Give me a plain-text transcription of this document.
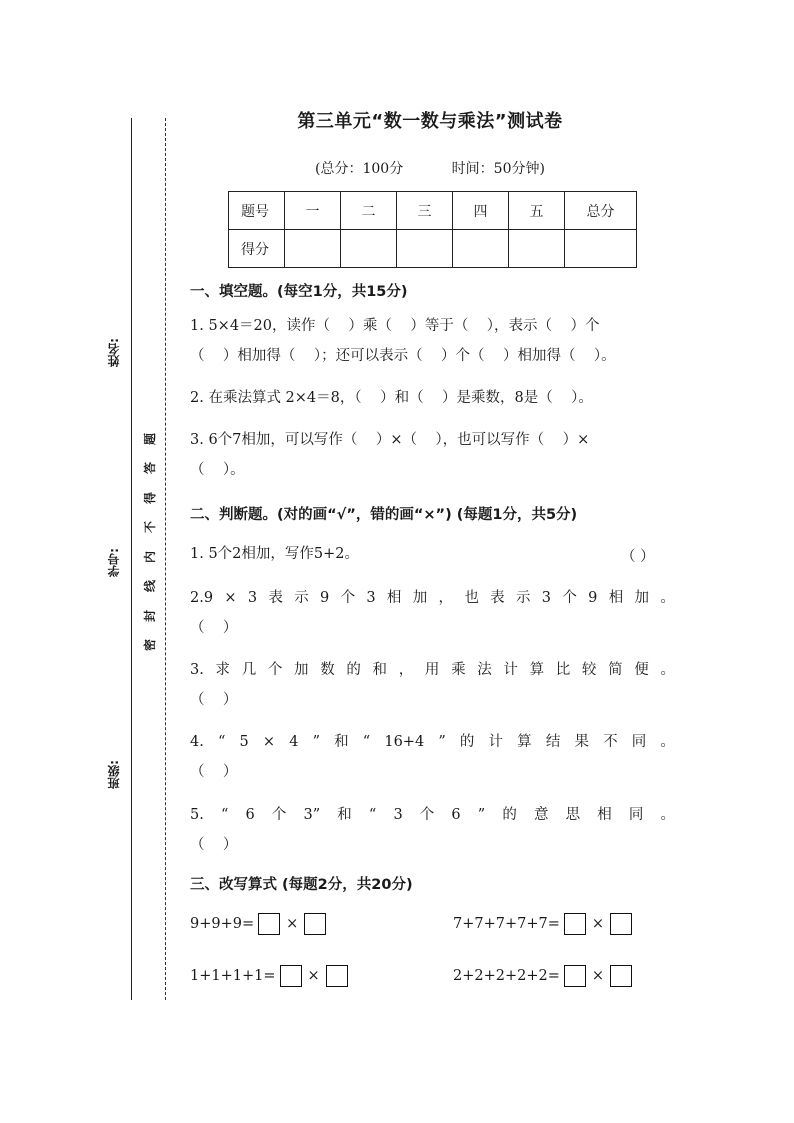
姓名:
学号:
班级:
密
封
线
内
不
得
答
题
第三单元“数一数与乘法”测试卷
(总分：100分	时间：50分钟)
题号	一	二	三	四	五	总分
得分						
一、填空题。(每空1分，共15分)
1. 5×4＝20，读作（    ）乘（    ）等于（    ），表示（    ）个
（    ）相加得（    ）；还可以表示（    ）个（    ）相加得（    ）。
2. 在乘法算式 2×4＝8，（    ）和（    ）是乘数，8是（    ）。
3. 6个7相加，可以写作（    ）×（    ），也可以写作（    ）×
（    ）。
二、判断题。(对的画“√”，错的画“×”) (每题1分，共5分)
1. 5个2相加，写作5+2。	（ ）
2.9 × 3 表 示 9 个 3 相 加 ， 也 表 示 3 个 9 相 加 。
（    ）
3. 求 几 个 加 数 的 和 ， 用 乘 法 计 算 比 较 简 便 。
（    ）
4. “ 5 × 4 ” 和 “ 16+4 ” 的 计 算 结 果 不 同 。
（    ）
5. “ 6 个 3” 和 “ 3 个 6 ” 的 意 思 相 同 。
（    ）
三、改写算式 (每题2分，共20分)
9+9+9= ×	7+7+7+7+7= ×
1+1+1+1= ×	2+2+2+2+2= ×
